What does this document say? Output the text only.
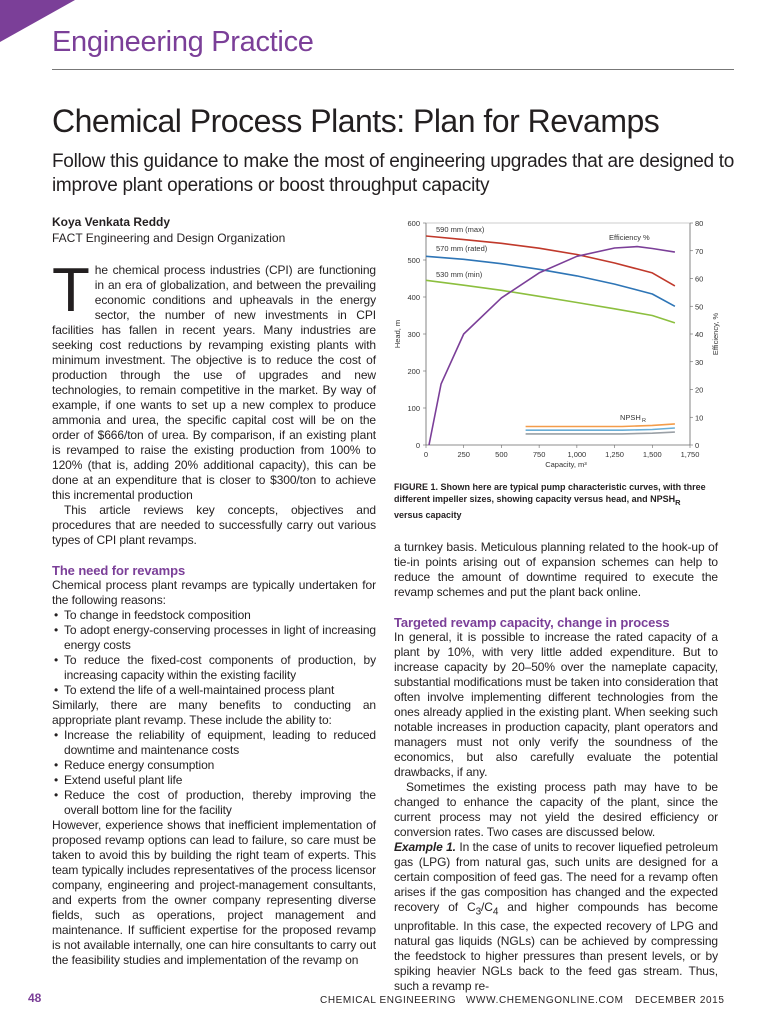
Engineering Practice
Chemical Process Plants: Plan for Revamps
Follow this guidance to make the most of engineering upgrades that are designed to improve plant operations or boost throughput capacity
Koya Venkata Reddy
FACT Engineering and Design Organization

The chemical process industries (CPI) are functioning in an era of globalization, and between the prevailing economic conditions and upheavals in the energy sector, the number of new investments in CPI facilities has fallen in recent years. Many industries are seeking cost reductions by revamping existing plants with minimum investment. The objective is to reduce the cost of production through the use of upgrades and new technologies, to remain competitive in the market. By way of example, if one wants to set up a new complex to produce ammonia and urea, the specific capital cost will be on the order of $666/ton of urea. By comparison, if an existing plant is revamped to raise the existing production from 100% to 120% (that is, adding 20% additional capacity), this can be done at an expenditure that is closer to $300/ton to achieve this incremental production

This article reviews key concepts, objectives and procedures that are needed to successfully carry out various types of CPI plant revamps.

The need for revamps

Chemical process plant revamps are typically undertaken for the following reasons:

• To change in feedstock composition
• To adopt energy-conserving processes in light of increasing energy costs
• To reduce the fixed-cost components of production, by increasing capacity within the existing facility
• To extend the life of a well-maintained process plant

Similarly, there are many benefits to conducting an appropriate plant revamp. These include the ability to:

• Increase the reliability of equipment, leading to reduced downtime and maintenance costs
• Reduce energy consumption
• Extend useful plant life
• Reduce the cost of production, thereby improving the overall bottom line for the facility

However, experience shows that inefficient implementation of proposed revamp options can lead to failure, so care must be taken to avoid this by building the right team of experts. This team typically includes representatives of the process licensor company, engineering and project-management consultants, and experts from the owner company representing diverse fields, such as operations, project management and maintenance. If sufficient expertise for the proposed revamp is not available internally, one can hire consultants to carry out the feasibility studies and implementation of the revamp on

0
100
200
300
400
500
600
0
10
20
30
40
50
60
70
80
0	250	500	750	1,000	1,250	1,500	1,750
Capacity, m³
Head, m	Efficiency, %
590 mm (max)
570 mm (rated)
530 mm (min)
Efficiency %
NPSH R
FIGURE 1. Shown here are typical pump characteristic curves, with three different impeller sizes, showing capacity versus head, and $NPSH_R$ versus capacity

a turnkey basis. Meticulous planning related to the hook-up of tie-in points arising out of expansion schemes can help to reduce the amount of downtime required to execute the revamp schemes and put the plant back online.

Targeted revamp capacity, change in process

In general, it is possible to increase the rated capacity of a plant by 10%, with very little added expenditure. But to increase capacity by 20–50% over the nameplate capacity, substantial modifications must be taken into consideration that often involve implementing different technologies from the ones already applied in the existing plant. When seeking such notable increases in production capacity, plant operators and managers must not only verify the soundness of the economics, but also carefully evaluate the potential drawbacks, if any.

Sometimes the existing process path may have to be changed to enhance the capacity of the plant, since the current process may not yield the desired efficiency or conversion rates. Two cases are discussed below.

Example 1. In the case of units to recover liquefied petroleum gas (LPG) from natural gas, such units are designed for a certain composition of feed gas. The need for a revamp often arises if the gas composition has changed and the expected recovery of $C_3/C_4$ and higher compounds has become unprofitable. In this case, the expected recovery of LPG and natural gas liquids (NGLs) can be achieved by compressing the feedstock to higher pressures than present levels, or by spiking heavier NGLs back to the feed gas stream. Thus, such a revamp re-

48	CHEMICAL ENGINEERING WWW.CHEMENGONLINE.COM DECEMBER 2015
